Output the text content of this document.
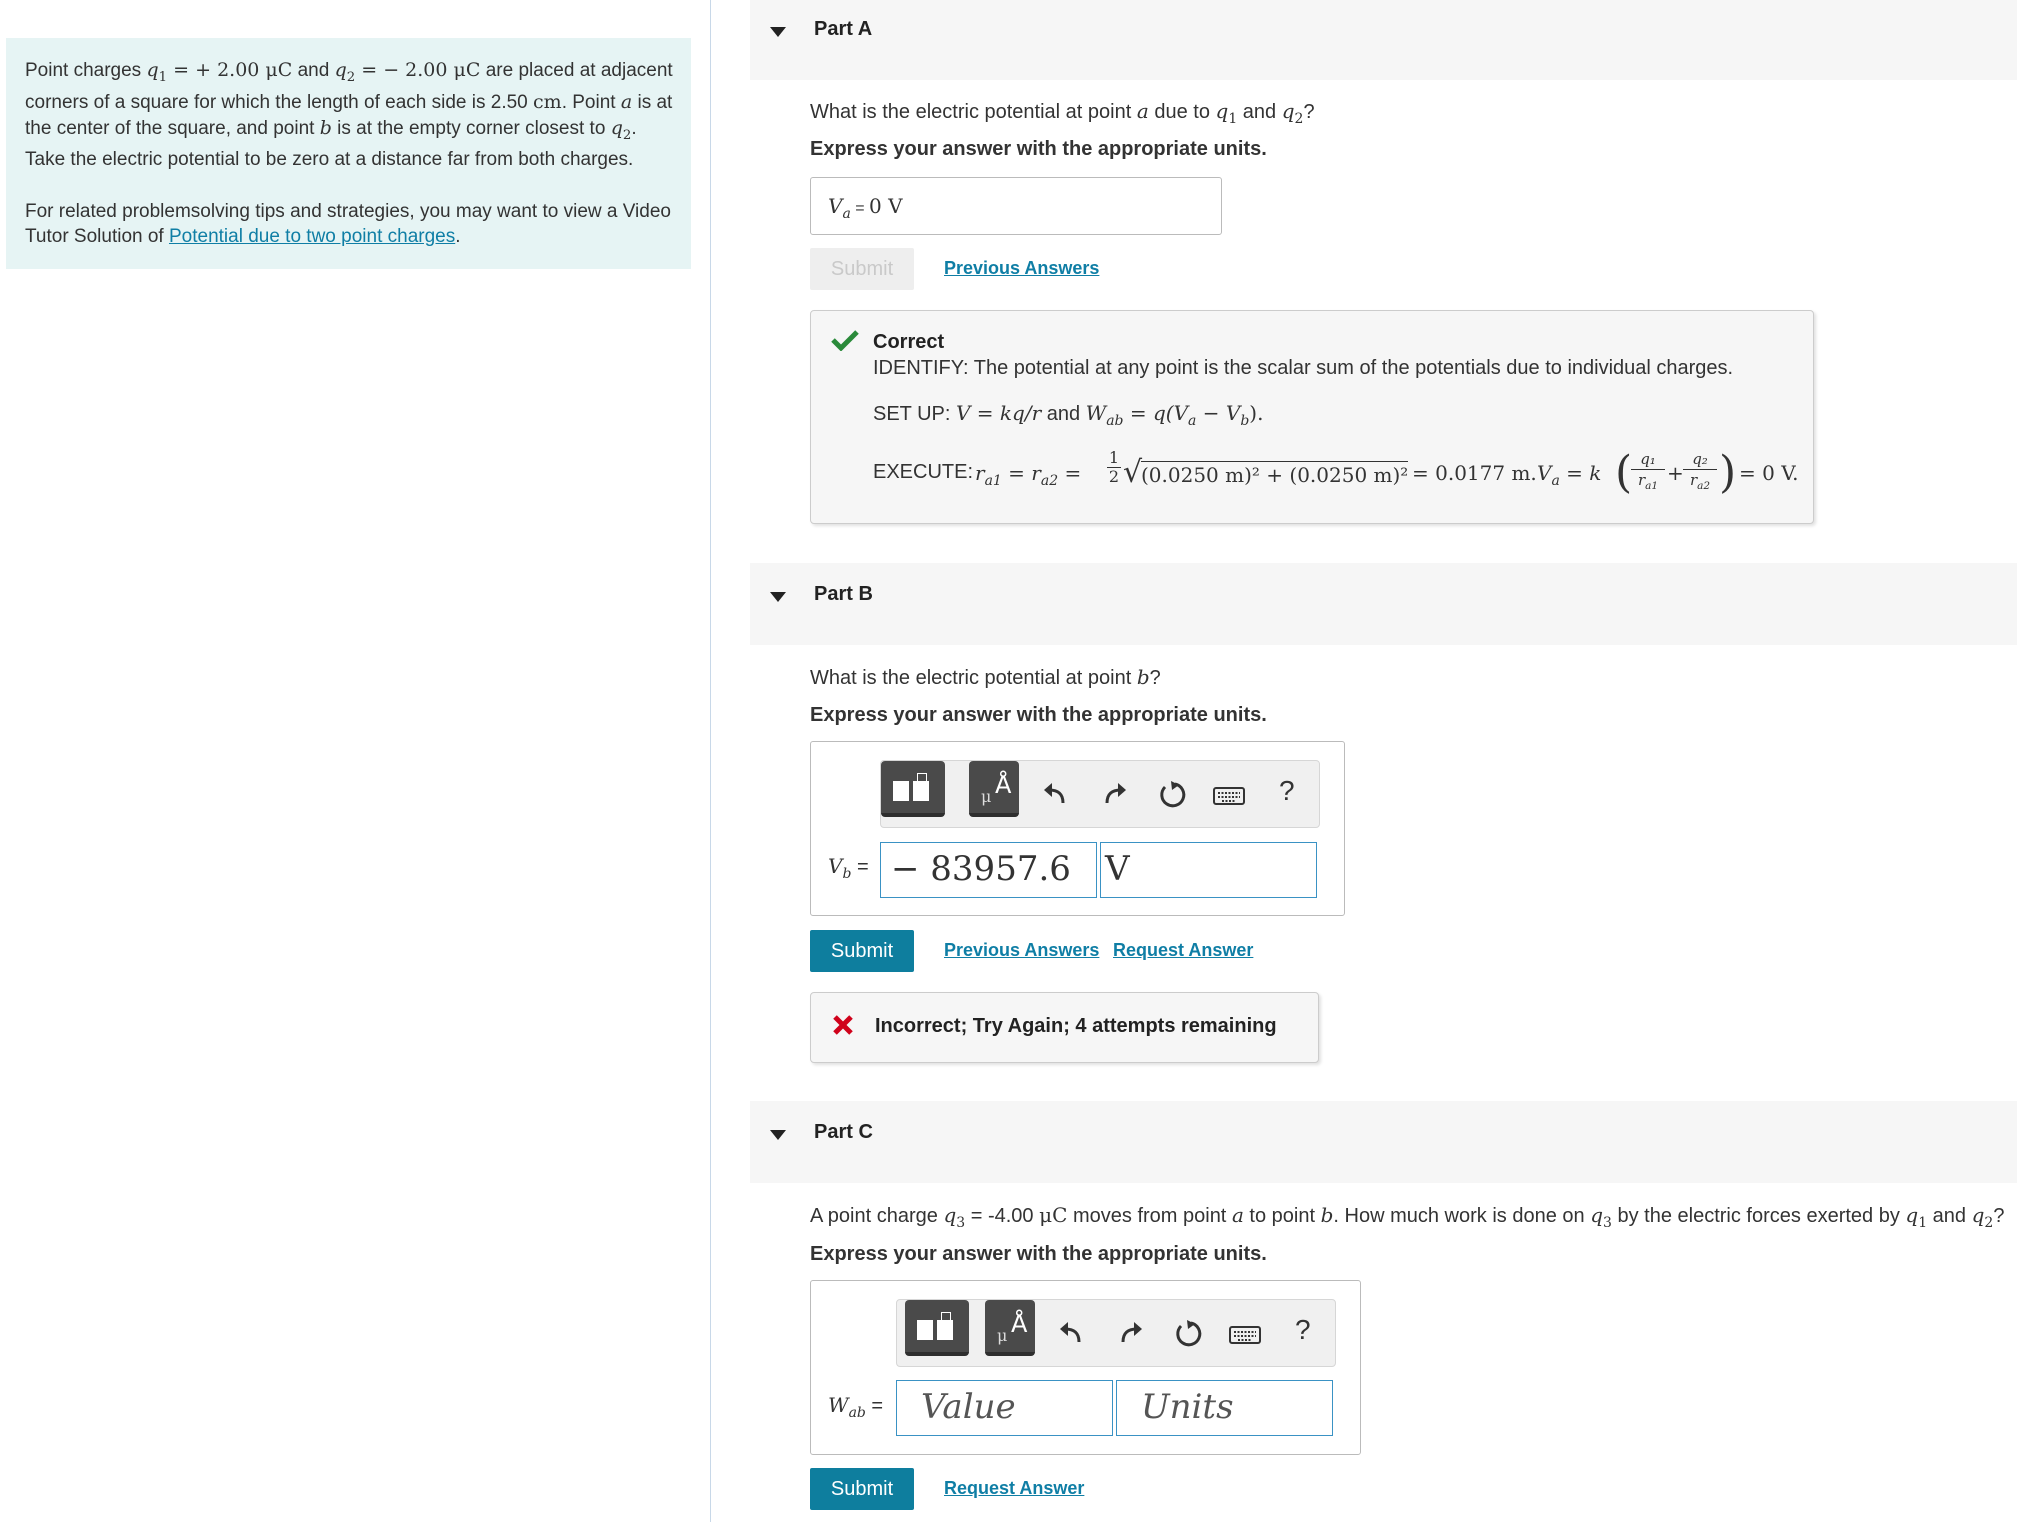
Point charges $q_1$ = + 2.00 μC and $q_2$ = − 2.00 μC are placed at adjacent corners of a square for which the length of each side is 2.50 cm. Point a is at the center of the square, and point b is at the empty corner closest to $q_2$. Take the electric potential to be zero at a distance far from both charges.

For related problemsolving tips and strategies, you may want to view a Video Tutor Solution of Potential due to two point charges.

Part A
What is the electric potential at point a due to $q_1$ and $q_2$?
Express your answer with the appropriate units.
$V_a = 0$ V
Submit	Previous Answers
Correct
IDENTIFY: The potential at any point is the scalar sum of the potentials due to individual charges.
SET UP: V = kq/r and $W_{ab} = q(V_a - V_b)$.
EXECUTE: $r_{a1} = r_{a2}$ =
1
2 √
(0.0250 m)² + (0.0250 m)² = 0.0177 m. $V_a = k$ ( q₁
$r_{a1}$
+
q₂
$r_{a2}$ ) = 0 V.
Part B
What is the electric potential at point b?
Express your answer with the appropriate units.
μ Å	?
$V_b$ = − 83957.6 V
Submit	Previous Answers Request Answer
Incorrect; Try Again; 4 attempts remaining
Part C
A point charge $q_3 = -4.00$ μC moves from point a to point b. How much work is done on $q_3$ by the electric forces exerted by $q_1$ and $q_2$?
Express your answer with the appropriate units.
μ Å	?
$W_{ab}$ = Value	Units
Submit	Request Answer
